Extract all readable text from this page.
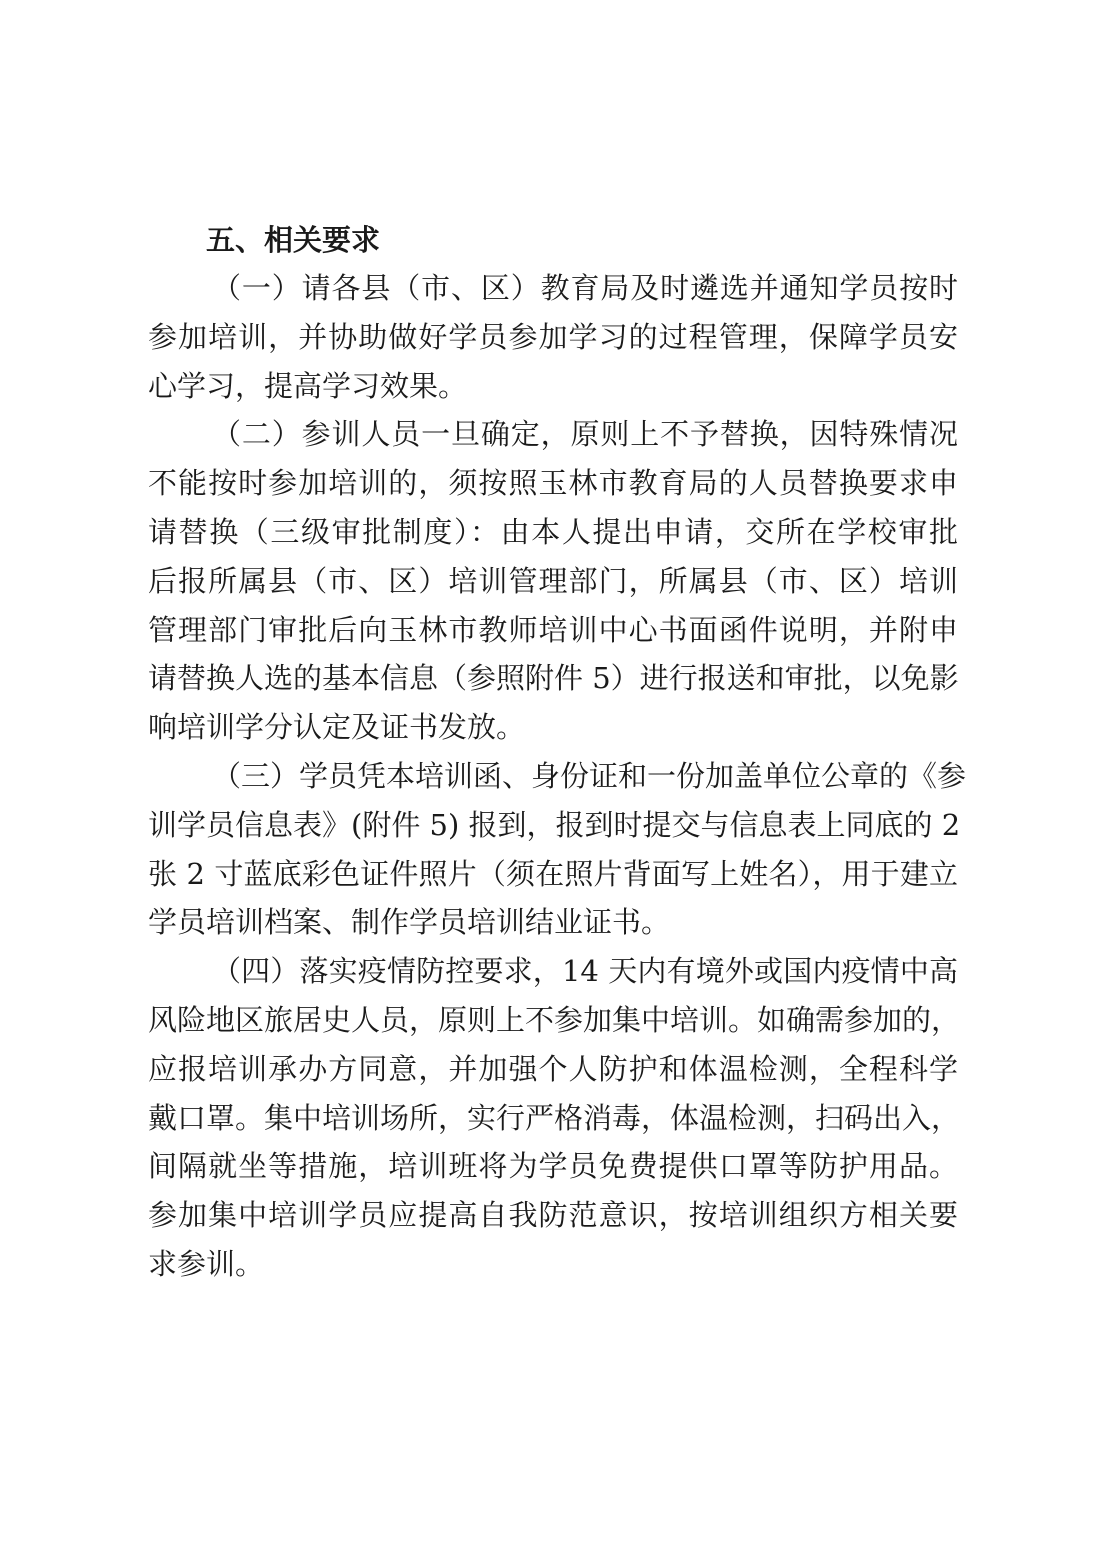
五、相关要求
（一）请各县（市、区）教育局及时遴选并通知学员按时
参加培训，并协助做好学员参加学习的过程管理，保障学员安
心学习，提高学习效果。
（二）参训人员一旦确定，原则上不予替换，因特殊情况
不能按时参加培训的，须按照玉林市教育局的人员替换要求申
请替换（三级审批制度）：由本人提出申请，交所在学校审批
后报所属县（市、区）培训管理部门，所属县（市、区）培训
管理部门审批后向玉林市教师培训中心书面函件说明，并附申
请替换人选的基本信息（参照附件 5）进行报送和审批，以免影
响培训学分认定及证书发放。
（三）学员凭本培训函、身份证和一份加盖单位公章的《参
训学员信息表》(附件 5) 报到，报到时提交与信息表上同底的 2
张 2 寸蓝底彩色证件照片（须在照片背面写上姓名），用于建立
学员培训档案、制作学员培训结业证书。
（四）落实疫情防控要求，14 天内有境外或国内疫情中高
风险地区旅居史人员，原则上不参加集中培训。如确需参加的，
应报培训承办方同意，并加强个人防护和体温检测，全程科学
戴口罩。集中培训场所，实行严格消毒，体温检测，扫码出入，
间隔就坐等措施，培训班将为学员免费提供口罩等防护用品。
参加集中培训学员应提高自我防范意识，按培训组织方相关要
求参训。
